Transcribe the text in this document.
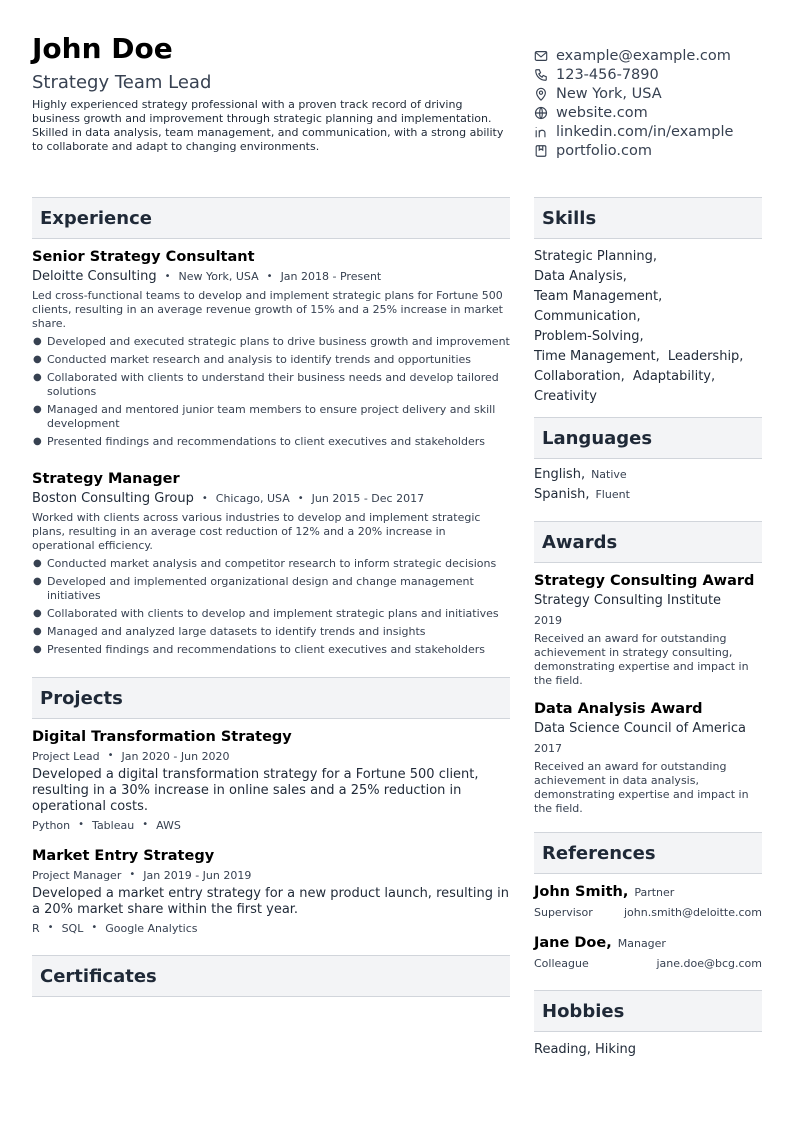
John Doe
Strategy Team Lead
Highly experienced strategy professional with a proven track record of driving business growth and improvement through strategic planning and implementation. Skilled in data analysis, team management, and communication, with a strong ability to collaborate and adapt to changing environments.
example@example.com
123-456-7890
New York, USA
website.com
linkedin.com/in/example
portfolio.com
Experience
Senior Strategy Consultant
Deloitte Consulting • New York, USA • Jan 2018 - Present
Led cross-functional teams to develop and implement strategic plans for Fortune 500 clients, resulting in an average revenue growth of 15% and a 25% increase in market share.
● Developed and executed strategic plans to drive business growth and improvement
● Conducted market research and analysis to identify trends and opportunities
● Collaborated with clients to understand their business needs and develop tailored solutions
● Managed and mentored junior team members to ensure project delivery and skill development
● Presented findings and recommendations to client executives and stakeholders
Strategy Manager
Boston Consulting Group • Chicago, USA • Jun 2015 - Dec 2017
Worked with clients across various industries to develop and implement strategic plans, resulting in an average cost reduction of 12% and a 20% increase in operational efficiency.
● Conducted market analysis and competitor research to inform strategic decisions
● Developed and implemented organizational design and change management initiatives
● Collaborated with clients to develop and implement strategic plans and initiatives
● Managed and analyzed large datasets to identify trends and insights
● Presented findings and recommendations to client executives and stakeholders
Projects
Digital Transformation Strategy
Project Lead • Jan 2020 - Jun 2020
Developed a digital transformation strategy for a Fortune 500 client, resulting in a 30% increase in online sales and a 25% reduction in operational costs.
Python • Tableau • AWS
Market Entry Strategy
Project Manager • Jan 2019 - Jun 2019
Developed a market entry strategy for a new product launch, resulting in a 20% market share within the first year.
R • SQL • Google Analytics
Certificates
Skills
Strategic Planning,
Data Analysis,
Team Management,
Communication,
Problem-Solving,
Time Management, Leadership,
Collaboration, Adaptability,
Creativity
Languages
English, Native
Spanish, Fluent
Awards
Strategy Consulting Award
Strategy Consulting Institute
2019
Received an award for outstanding achievement in strategy consulting, demonstrating expertise and impact in the field.
Data Analysis Award
Data Science Council of America
2017
Received an award for outstanding achievement in data analysis, demonstrating expertise and impact in the field.
References
John Smith, Partner
Supervisor	john.smith@deloitte.com
Jane Doe, Manager
Colleague	jane.doe@bcg.com
Hobbies
Reading, Hiking
